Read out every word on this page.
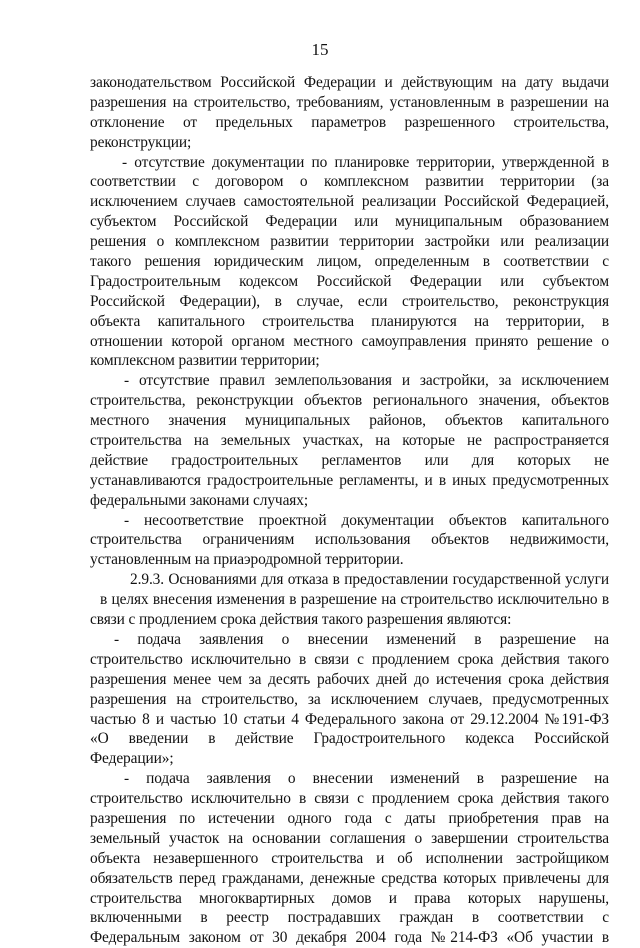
15
законодательством Российской Федерации и действующим на дату выдачи
разрешения на строительство, требованиям, установленным в разрешении на
отклонение от предельных параметров разрешенного строительства,
реконструкции;
- отсутствие документации по планировке территории, утвержденной в
соответствии с договором о комплексном развитии территории (за
исключением случаев самостоятельной реализации Российской Федерацией,
субъектом Российской Федерации или муниципальным образованием
решения о комплексном развитии территории застройки или реализации
такого решения юридическим лицом, определенным в соответствии с
Градостроительным кодексом Российской Федерации или субъектом
Российской Федерации), в случае, если строительство, реконструкция
объекта капитального строительства планируются на территории, в
отношении которой органом местного самоуправления принято решение о
комплексном развитии территории;
- отсутствие правил землепользования и застройки, за исключением
строительства, реконструкции объектов регионального значения, объектов
местного значения муниципальных районов, объектов капитального
строительства на земельных участках, на которые не распространяется
действие градостроительных регламентов или для которых не
устанавливаются градостроительные регламенты, и в иных предусмотренных
федеральными законами случаях;
- несоответствие проектной документации объектов капитального
строительства ограничениям использования объектов недвижимости,
установленным на приаэродромной территории.
2.9.3. Основаниями для отказа в предоставлении государственной услуги
в целях внесения изменения в разрешение на строительство исключительно в
связи с продлением срока действия такого разрешения являются:
- подача заявления о внесении изменений в разрешение на
строительство исключительно в связи с продлением срока действия такого
разрешения менее чем за десять рабочих дней до истечения срока действия
разрешения на строительство, за исключением случаев, предусмотренных
частью 8 и частью 10 статьи 4 Федерального закона от 29.12.2004 №191-ФЗ
«О введении в действие Градостроительного кодекса Российской
Федерации»;
- подача заявления о внесении изменений в разрешение на
строительство исключительно в связи с продлением срока действия такого
разрешения по истечении одного года с даты приобретения прав на
земельный участок на основании соглашения о завершении строительства
объекта незавершенного строительства и об исполнении застройщиком
обязательств перед гражданами, денежные средства которых привлечены для
строительства многоквартирных домов и права которых нарушены,
включенными в реестр пострадавших граждан в соответствии с
Федеральным законом от 30 декабря 2004 года №214-ФЗ «Об участии в
